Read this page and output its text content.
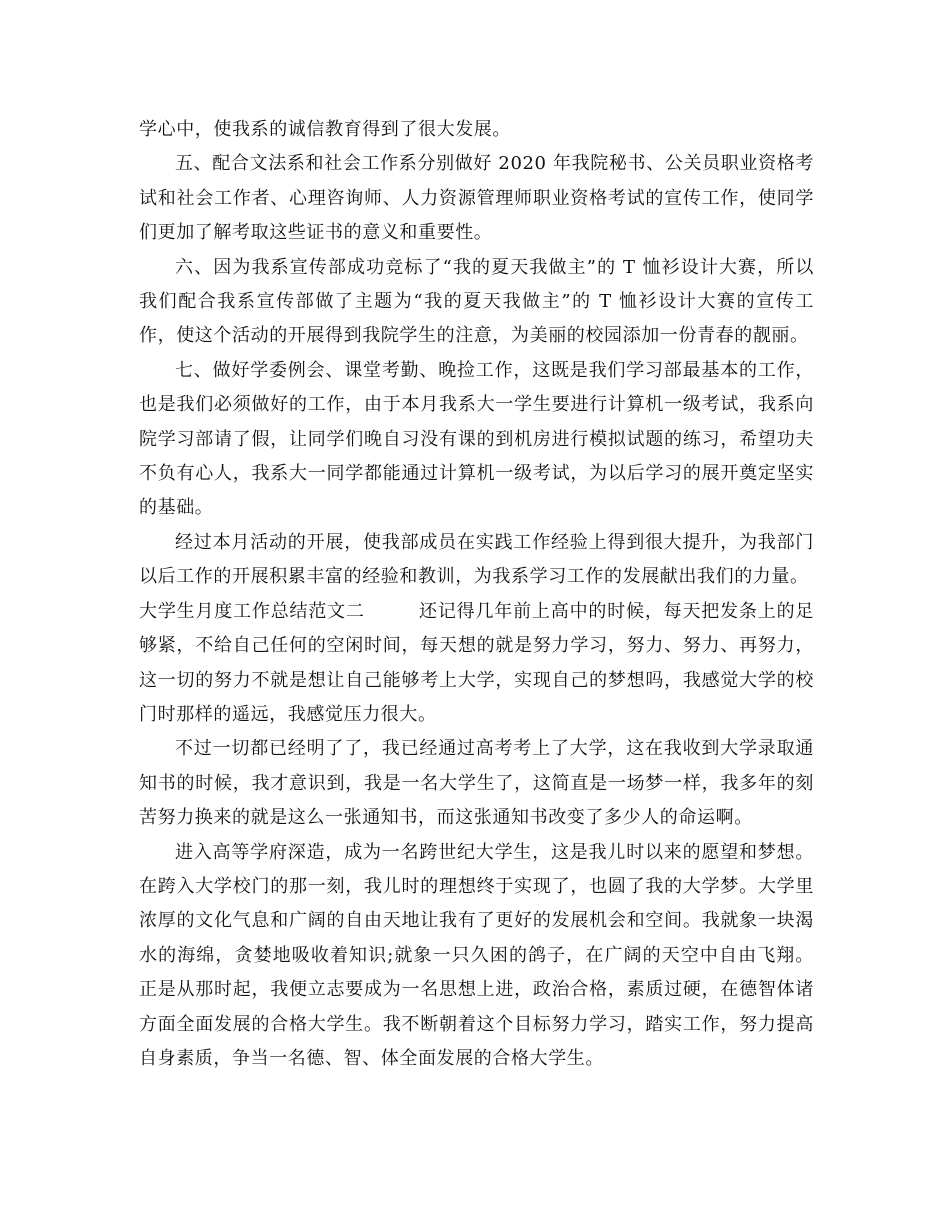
学心中，使我系的诚信教育得到了很大发展。

五、配合文法系和社会工作系分别做好 2020 年我院秘书、公关员职业资格考试和社会工作者、心理咨询师、人力资源管理师职业资格考试的宣传工作，使同学们更加了解考取这些证书的意义和重要性。

六、因为我系宣传部成功竞标了“我的夏天我做主”的 T 恤衫设计大赛，所以我们配合我系宣传部做了主题为“我的夏天我做主”的 T 恤衫设计大赛的宣传工作，使这个活动的开展得到我院学生的注意，为美丽的校园添加一份青春的靓丽。

七、做好学委例会、课堂考勤、晚捡工作，这既是我们学习部最基本的工作，也是我们必须做好的工作，由于本月我系大一学生要进行计算机一级考试，我系向院学习部请了假，让同学们晚自习没有课的到机房进行模拟试题的练习，希望功夫不负有心人，我系大一同学都能通过计算机一级考试，为以后学习的展开奠定坚实的基础。

经过本月活动的开展，使我部成员在实践工作经验上得到很大提升，为我部门以后工作的开展积累丰富的经验和教训，为我系学习工作的发展献出我们的力量。

大学生月度工作总结范文二	还记得几年前上高中的时候，每天把发条上的足够紧，不给自己任何的空闲时间，每天想的就是努力学习，努力、努力、再努力，这一切的努力不就是想让自己能够考上大学，实现自己的梦想吗，我感觉大学的校门时那样的遥远，我感觉压力很大。

不过一切都已经明了了，我已经通过高考考上了大学，这在我收到大学录取通知书的时候，我才意识到，我是一名大学生了，这简直是一场梦一样，我多年的刻苦努力换来的就是这么一张通知书，而这张通知书改变了多少人的命运啊。

进入高等学府深造，成为一名跨世纪大学生，这是我儿时以来的愿望和梦想。在跨入大学校门的那一刻，我儿时的理想终于实现了，也圆了我的大学梦。大学里浓厚的文化气息和广阔的自由天地让我有了更好的发展机会和空间。我就象一块渴水的海绵，贪婪地吸收着知识;就象一只久困的鸽子，在广阔的天空中自由飞翔。正是从那时起，我便立志要成为一名思想上进，政治合格，素质过硬，在德智体诸方面全面发展的合格大学生。我不断朝着这个目标努力学习，踏实工作，努力提高自身素质，争当一名德、智、体全面发展的合格大学生。
